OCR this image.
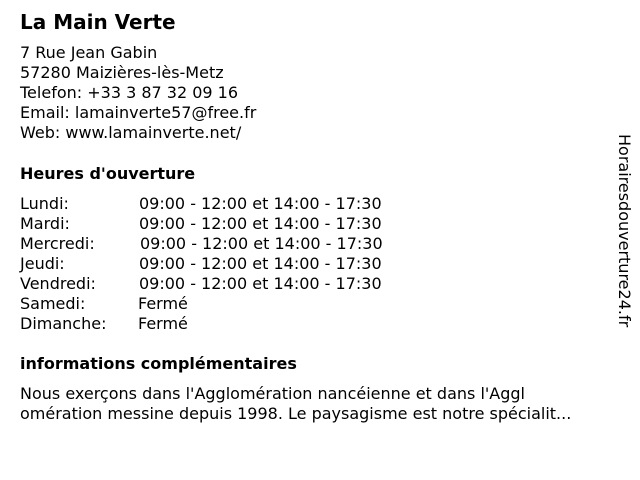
La Main Verte
7 Rue Jean Gabin
57280 Maizières-lès-Metz
Telefon: +33 3 87 32 09 16
Email: lamainverte57@free.fr
Web: www.lamainverte.net/
Heures d'ouverture
Lundi:	09:00 - 12:00 et 14:00 - 17:30
Mardi:	09:00 - 12:00 et 14:00 - 17:30
Mercredi:	09:00 - 12:00 et 14:00 - 17:30
Jeudi:	09:00 - 12:00 et 14:00 - 17:30
Vendredi:	09:00 - 12:00 et 14:00 - 17:30
Samedi:	Fermé
Dimanche: Fermé
informations complémentaires
Nous exerçons dans l'Agglomération nancéienne et dans l'Aggl
omération messine depuis 1998. Le paysagisme est notre spécialit...
Horairesdouverture24.fr
